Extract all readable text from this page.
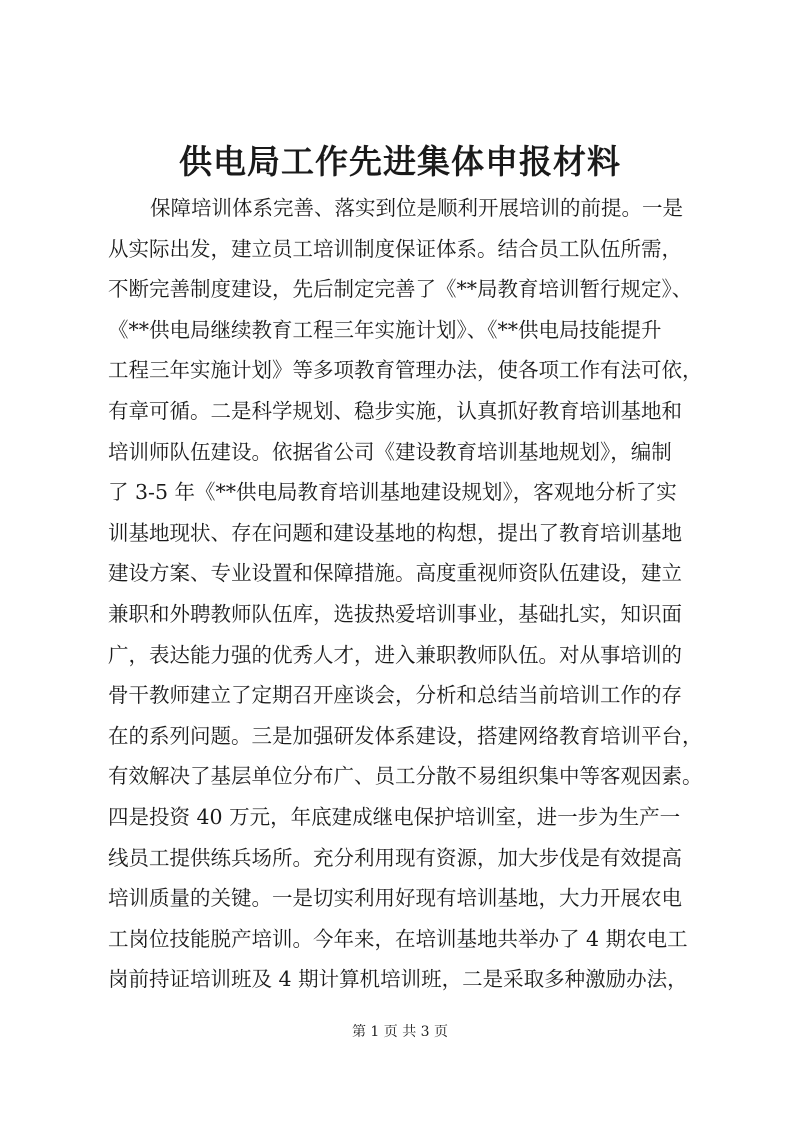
供电局工作先进集体申报材料
保障培训体系完善、落实到位是顺利开展培训的前提。一是
从实际出发，建立员工培训制度保证体系。结合员工队伍所需，
不断完善制度建设，先后制定完善了《**局教育培训暂行规定》、
《**供电局继续教育工程三年实施计划》、《**供电局技能提升
工程三年实施计划》等多项教育管理办法，使各项工作有法可依，
有章可循。二是科学规划、稳步实施，认真抓好教育培训基地和
培训师队伍建设。依据省公司《建设教育培训基地规划》，编制
了 3-5 年《**供电局教育培训基地建设规划》，客观地分析了实
训基地现状、存在问题和建设基地的构想，提出了教育培训基地
建设方案、专业设置和保障措施。高度重视师资队伍建设，建立
兼职和外聘教师队伍库，选拔热爱培训事业，基础扎实，知识面
广，表达能力强的优秀人才，进入兼职教师队伍。对从事培训的
骨干教师建立了定期召开座谈会，分析和总结当前培训工作的存
在的系列问题。三是加强研发体系建设，搭建网络教育培训平台，
有效解决了基层单位分布广、员工分散不易组织集中等客观因素。
四是投资 40 万元，年底建成继电保护培训室，进一步为生产一
线员工提供练兵场所。充分利用现有资源，加大步伐是有效提高
培训质量的关键。一是切实利用好现有培训基地，大力开展农电
工岗位技能脱产培训。今年来，在培训基地共举办了 4 期农电工
岗前持证培训班及 4 期计算机培训班，二是采取多种激励办法，
第 1 页 共 3 页
